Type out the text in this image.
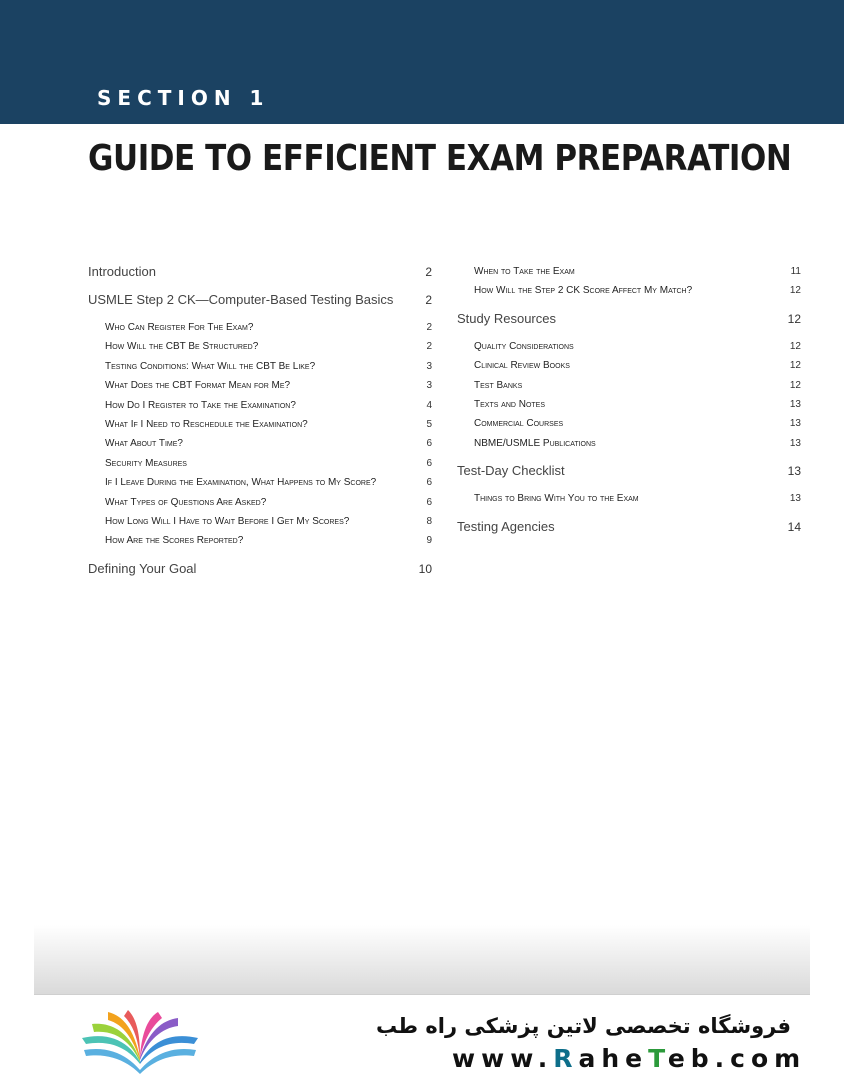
SECTION 1
GUIDE TO EFFICIENT EXAM PREPARATION
Introduction	2
USMLE Step 2 CK—Computer-Based Testing Basics	2
Who Can Register For The Exam?	2
How Will the CBT Be Structured?	2
Testing Conditions: What Will the CBT Be Like?	3
What Does the CBT Format Mean for Me?	3
How Do I Register to Take the Examination?	4
What If I Need to Reschedule the Examination?	5
What About Time?	6
Security Measures	6
If I Leave During the Examination, What Happens to My Score?	6
What Types of Questions Are Asked?	6
How Long Will I Have to Wait Before I Get My Scores?	8
How Are the Scores Reported?	9
Defining Your Goal	10
When to Take the Exam	11
How Will the Step 2 CK Score Affect My Match?	12
Study Resources	12
Quality Considerations	12
Clinical Review Books	12
Test Banks	12
Texts and Notes	13
Commercial Courses	13
NBME/USMLE Publications	13
Test-Day Checklist	13
Things to Bring With You to the Exam	13
Testing Agencies	14
فروشگاه تخصصی لاتین پزشکی راه طب
www.RaheTeb.com
